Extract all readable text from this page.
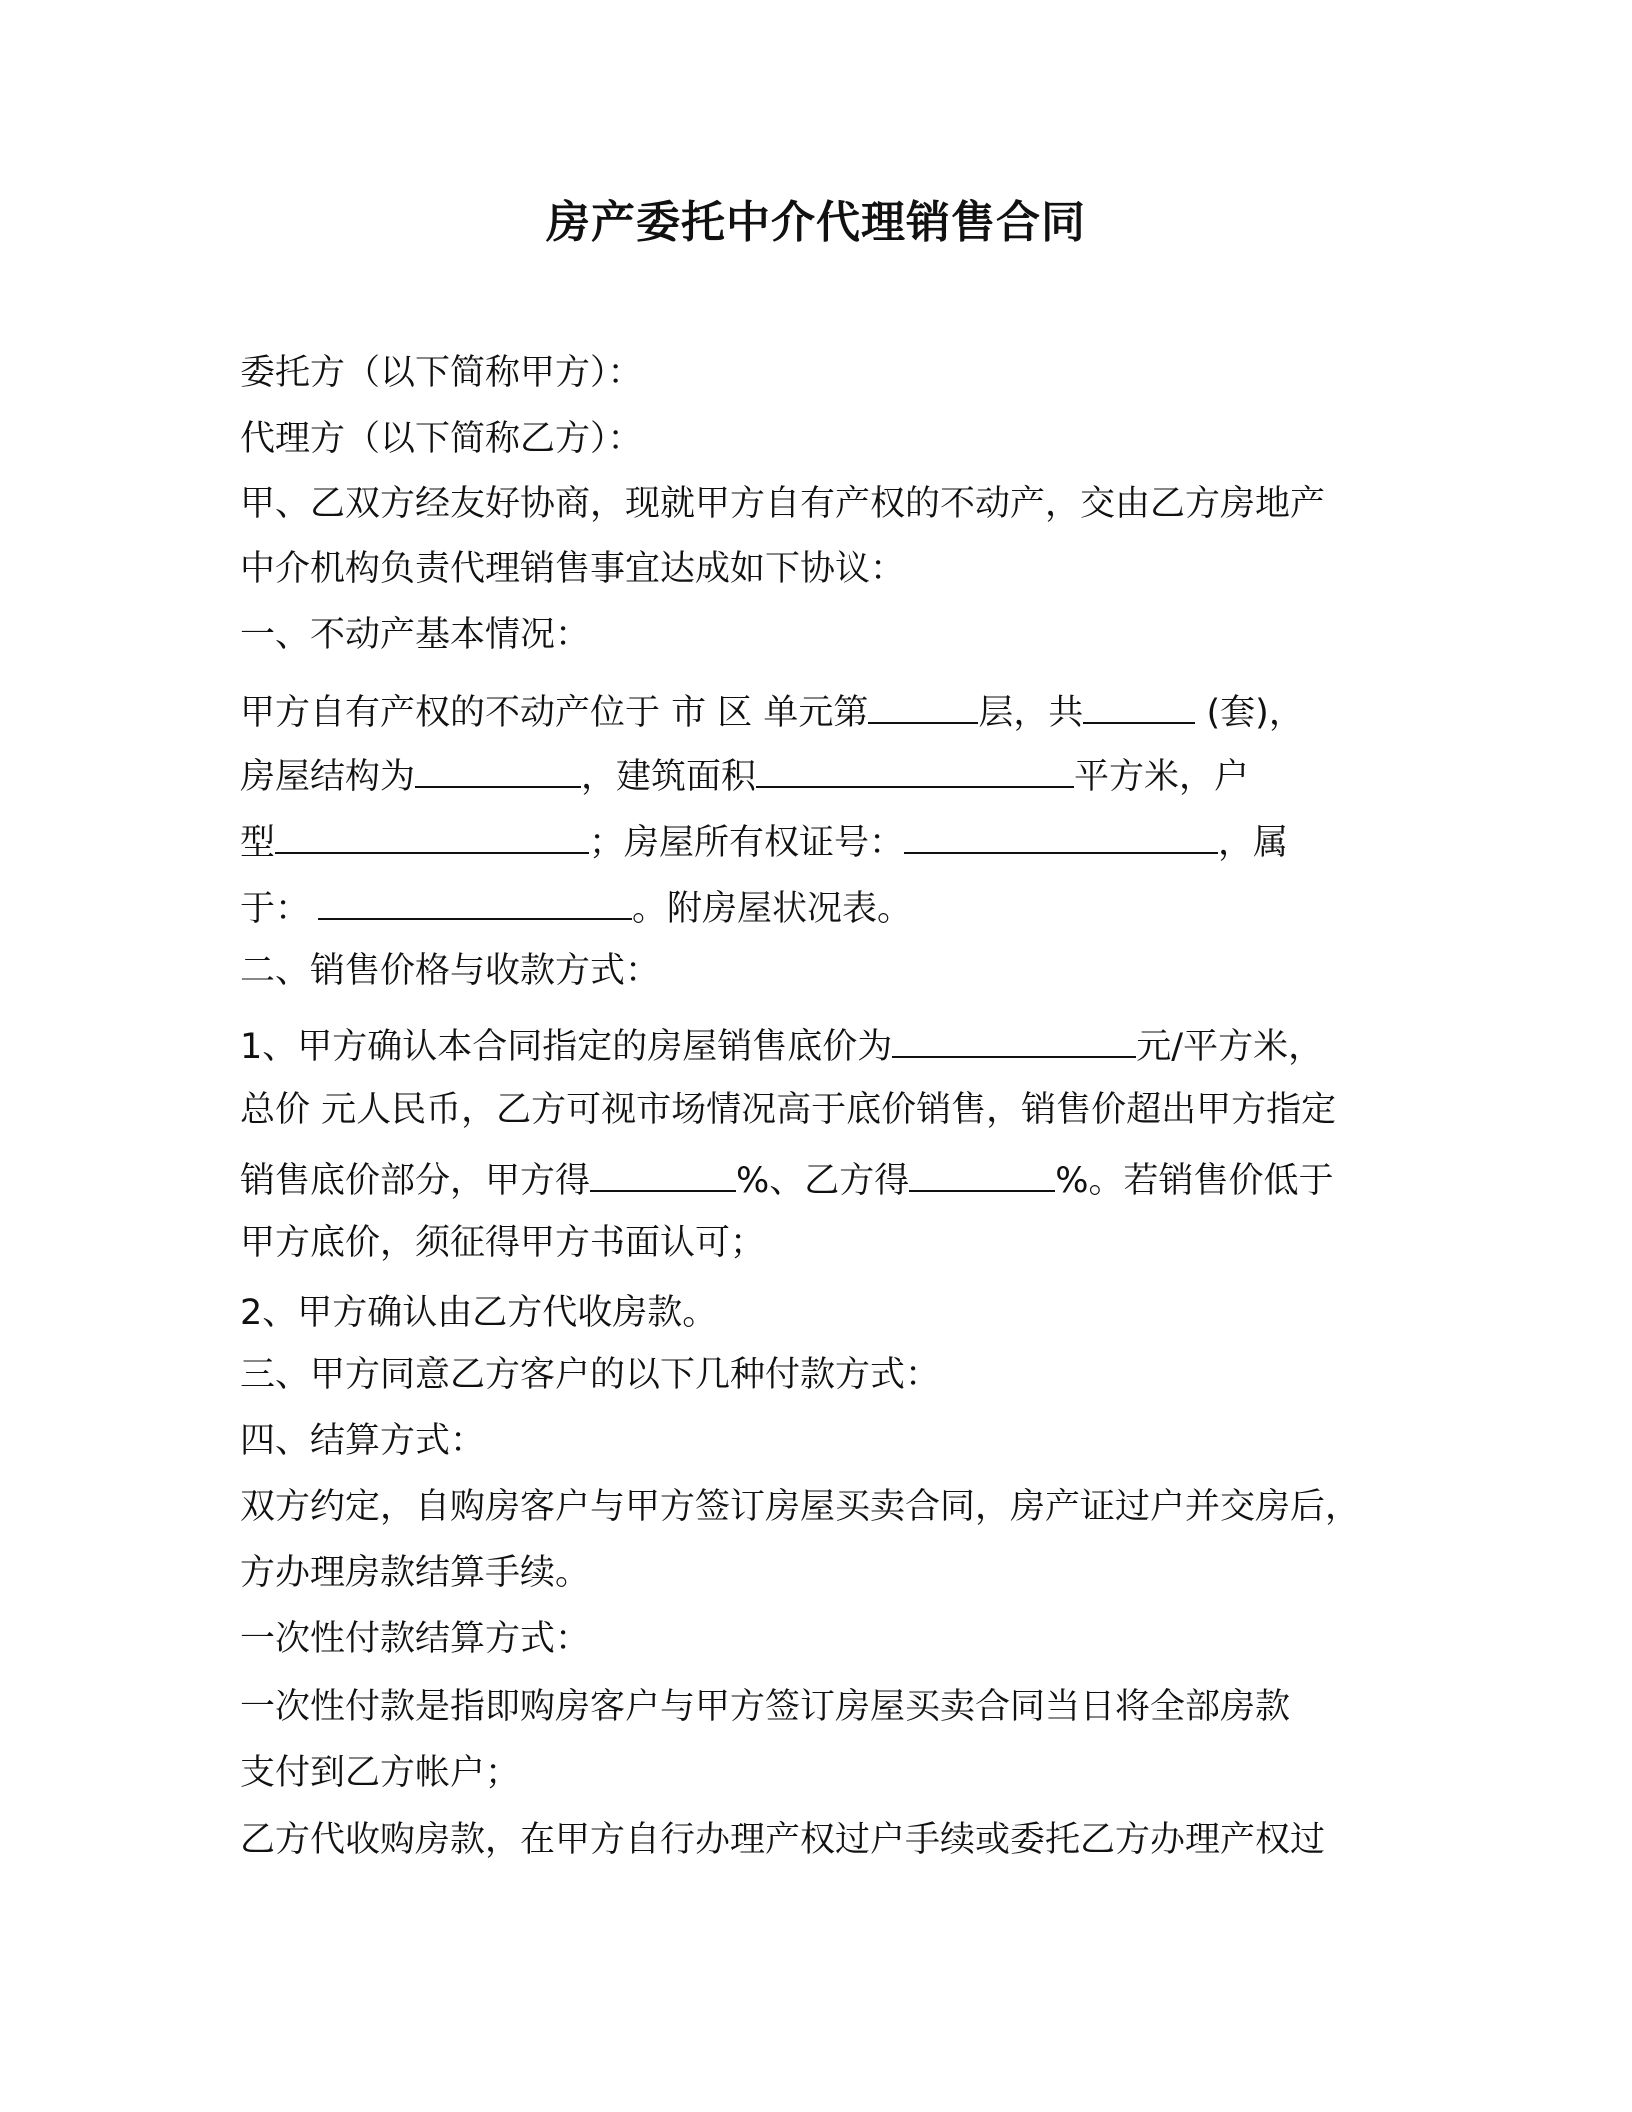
房产委托中介代理销售合同
委托方（以下简称甲方）：
代理方（以下简称乙方）：
甲、乙双方经友好协商，现就甲方自有产权的不动产，交由乙方房地产
中介机构负责代理销售事宜达成如下协议：
一、不动产基本情况：
甲方自有产权的不动产位于 市 区 单元第	层，共	(套)，
房屋结构为	，建筑面积	平方米，户
型	；房屋所有权证号：	，属
于：	。附房屋状况表。
二、销售价格与收款方式：
1、甲方确认本合同指定的房屋销售底价为	元/平方米，
总价 元人民币，乙方可视市场情况高于底价销售，销售价超出甲方指定
销售底价部分，甲方得	%、乙方得	%。若销售价低于
甲方底价，须征得甲方书面认可；
2、甲方确认由乙方代收房款。
三、甲方同意乙方客户的以下几种付款方式：
四、结算方式：
双方约定，自购房客户与甲方签订房屋买卖合同，房产证过户并交房后，
方办理房款结算手续。
一次性付款结算方式：
一次性付款是指即购房客户与甲方签订房屋买卖合同当日将全部房款
支付到乙方帐户；
乙方代收购房款，在甲方自行办理产权过户手续或委托乙方办理产权过
